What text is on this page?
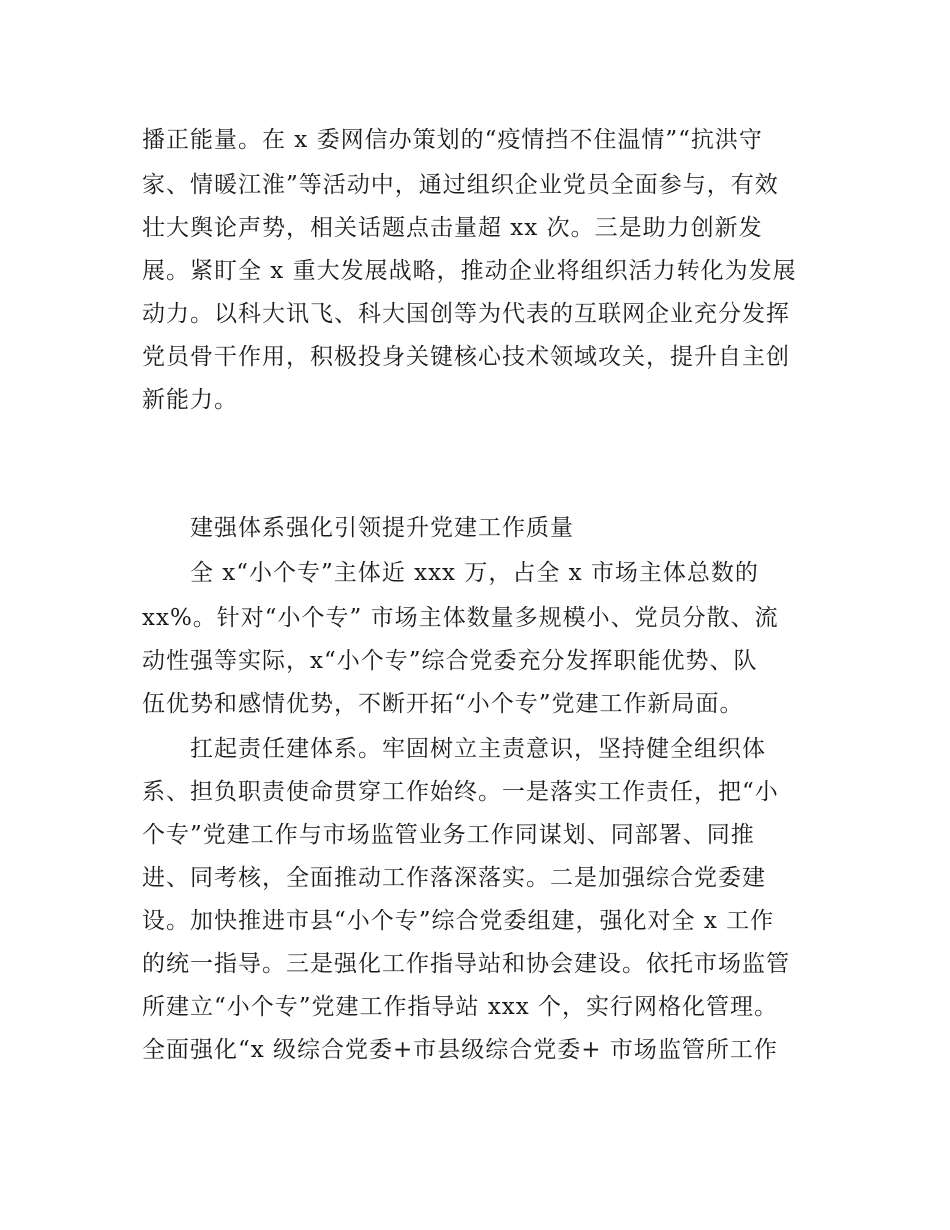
播正能量。在 x 委网信办策划的“疫情挡不住温情”“抗洪守
家、情暖江淮”等活动中，通过组织企业党员全面参与，有效
壮大舆论声势，相关话题点击量超 xx 次。三是助力创新发
展。紧盯全 x 重大发展战略，推动企业将组织活力转化为发展
动力。以科大讯飞、科大国创等为代表的互联网企业充分发挥
党员骨干作用，积极投身关键核心技术领域攻关，提升自主创
新能力。
建强体系强化引领提升党建工作质量
全 x“小个专”主体近 xxx 万，占全 x 市场主体总数的
xx%。针对“小个专” 市场主体数量多规模小、党员分散、流
动性强等实际，x“小个专”综合党委充分发挥职能优势、队
伍优势和感情优势，不断开拓“小个专”党建工作新局面。
扛起责任建体系。牢固树立主责意识，坚持健全组织体
系、担负职责使命贯穿工作始终。一是落实工作责任，把“小
个专”党建工作与市场监管业务工作同谋划、同部署、同推
进、同考核，全面推动工作落深落实。二是加强综合党委建
设。加快推进市县“小个专”综合党委组建，强化对全 x 工作
的统一指导。三是强化工作指导站和协会建设。依托市场监管
所建立“小个专”党建工作指导站 xxx 个，实行网格化管理。
全面强化“x 级综合党委+市县级综合党委+ 市场监管所工作
